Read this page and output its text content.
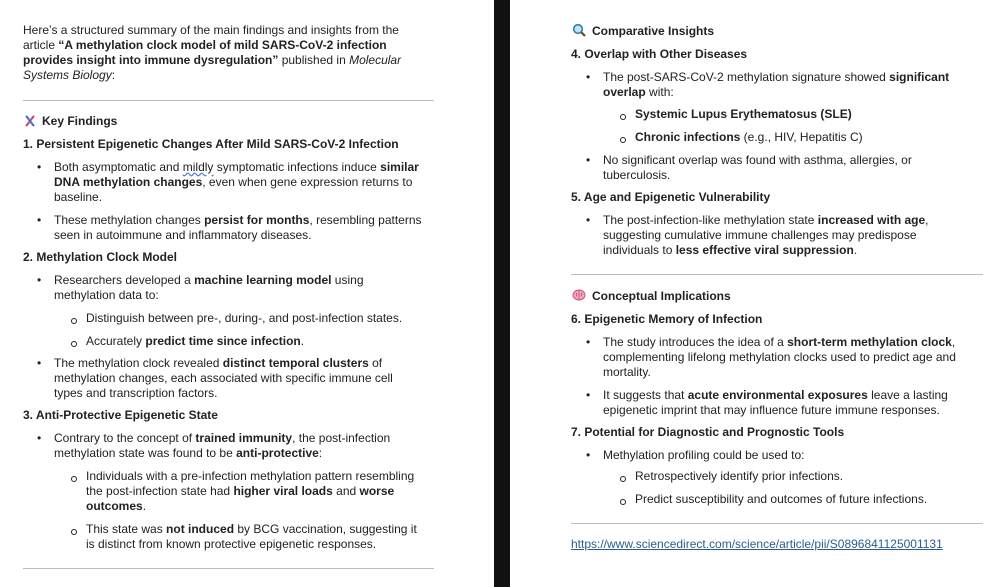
Here’s a structured summary of the main findings and insights from the
article “A methylation clock model of mild SARS-CoV-2 infection
provides insight into immune dysregulation” published in Molecular
Systems Biology:
Key Findings
1. Persistent Epigenetic Changes After Mild SARS-CoV-2 Infection
• Both asymptomatic and mildly symptomatic infections induce similar
DNA methylation changes, even when gene expression returns to
baseline.
• These methylation changes persist for months, resembling patterns
seen in autoimmune and inflammatory diseases.
2. Methylation Clock Model
• Researchers developed a machine learning model using
methylation data to:
Distinguish between pre-, during-, and post-infection states.
Accurately predict time since infection.
• The methylation clock revealed distinct temporal clusters of
methylation changes, each associated with specific immune cell
types and transcription factors.
3. Anti-Protective Epigenetic State
• Contrary to the concept of trained immunity, the post-infection
methylation state was found to be anti-protective:
Individuals with a pre-infection methylation pattern resembling
the post-infection state had higher viral loads and worse
outcomes.
This state was not induced by BCG vaccination, suggesting it
is distinct from known protective epigenetic responses.
Comparative Insights
4. Overlap with Other Diseases
• The post-SARS-CoV-2 methylation signature showed significant
overlap with:
Systemic Lupus Erythematosus (SLE)
Chronic infections (e.g., HIV, Hepatitis C)
• No significant overlap was found with asthma, allergies, or
tuberculosis.
5. Age and Epigenetic Vulnerability
• The post-infection-like methylation state increased with age,
suggesting cumulative immune challenges may predispose
individuals to less effective viral suppression.
Conceptual Implications
6. Epigenetic Memory of Infection
• The study introduces the idea of a short-term methylation clock,
complementing lifelong methylation clocks used to predict age and
mortality.
• It suggests that acute environmental exposures leave a lasting
epigenetic imprint that may influence future immune responses.
7. Potential for Diagnostic and Prognostic Tools
• Methylation profiling could be used to:
Retrospectively identify prior infections.
Predict susceptibility and outcomes of future infections.
https://www.sciencedirect.com/science/article/pii/S0896841125001131
